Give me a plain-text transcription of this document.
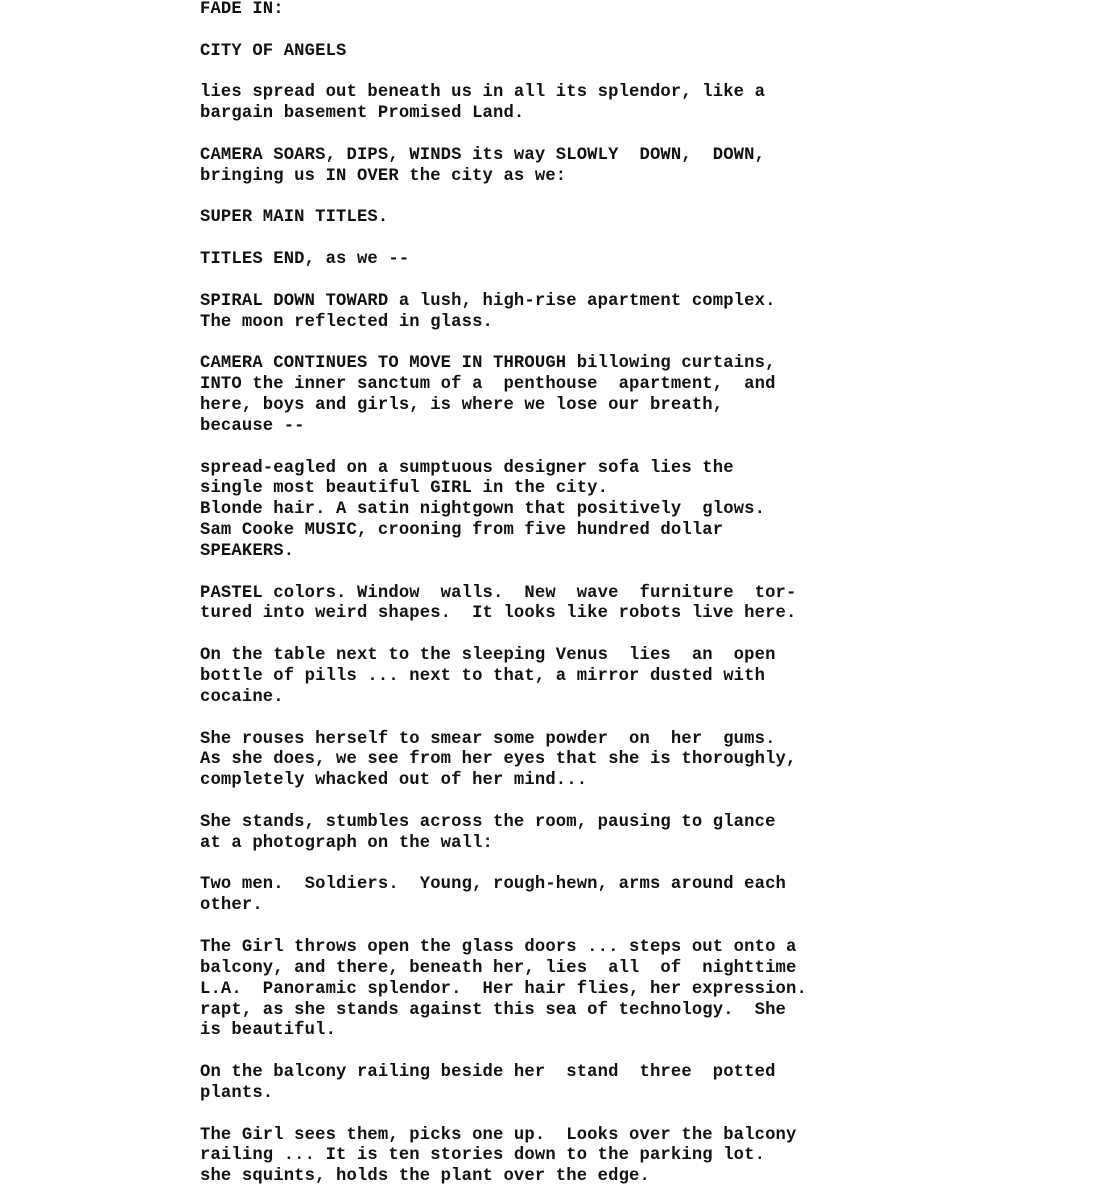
FADE IN:
CITY OF ANGELS
lies spread out beneath us in all its splendor, like a
bargain basement Promised Land.
CAMERA SOARS, DIPS, WINDS its way SLOWLY  DOWN,  DOWN,
bringing us IN OVER the city as we:
SUPER MAIN TITLES.
TITLES END, as we --
SPIRAL DOWN TOWARD a lush, high-rise apartment complex.
The moon reflected in glass.
CAMERA CONTINUES TO MOVE IN THROUGH billowing curtains,
INTO the inner sanctum of a  penthouse  apartment,  and
here, boys and girls, is where we lose our breath,
because --
spread-eagled on a sumptuous designer sofa lies the
single most beautiful GIRL in the city.
Blonde hair. A satin nightgown that positively  glows.
Sam Cooke MUSIC, crooning from five hundred dollar
SPEAKERS.
PASTEL colors. Window  walls.  New  wave  furniture  tor-
tured into weird shapes.  It looks like robots live here.
On the table next to the sleeping Venus  lies  an  open
bottle of pills ... next to that, a mirror dusted with
cocaine.
She rouses herself to smear some powder  on  her  gums.
As she does, we see from her eyes that she is thoroughly,
completely whacked out of her mind...
She stands, stumbles across the room, pausing to glance
at a photograph on the wall:
Two men.  Soldiers.  Young, rough-hewn, arms around each
other.
The Girl throws open the glass doors ... steps out onto a
balcony, and there, beneath her, lies  all  of  nighttime
L.A.  Panoramic splendor.  Her hair flies, her expression.
rapt, as she stands against this sea of technology.  She
is beautiful.
On the balcony railing beside her  stand  three  potted
plants.
The Girl sees them, picks one up.  Looks over the balcony
railing ... It is ten stories down to the parking lot.
she squints, holds the plant over the edge.
